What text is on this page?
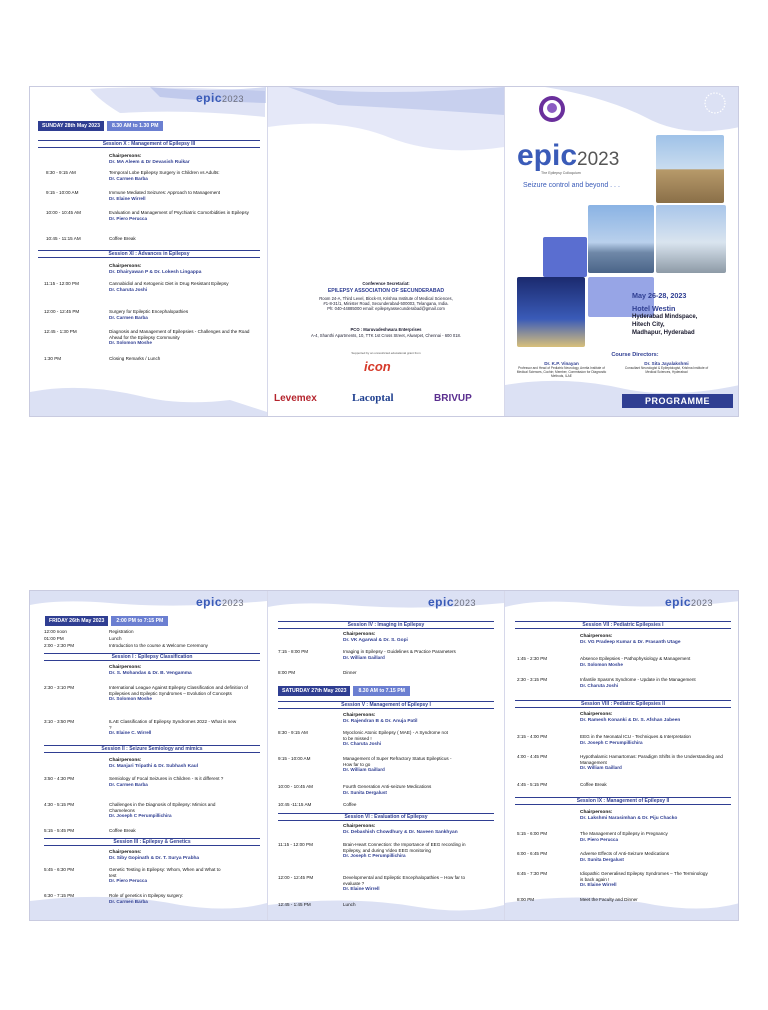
epic2023
SUNDAY 28th May 2023	8.30 AM to 1.30 PM
Session X : Management of Epilepsy III
Chairpersons:
Dr. MA Aleem & Dr Devasish Ruikar
8:30 - 9:15 AM	Temporal Lobe Epilepsy Surgery in Children vs Adults:
Dr. Carmen Barba
9:15 - 10:00 AM	Immune Mediated Seizures: Approach to Management
Dr. Elaine Wirrell
10:00 - 10:45 AM	Evaluation and Management of Psychiatric Comorbidities in Epilepsy
Dr. Piero Perucca
10:45 - 11:15 AM	Coffee Break
Session XI : Advances in Epilepsy
Chairpersons:
Dr. Dhairyawan P & Dr. Lokesh Lingappa
11:15 - 12:00 PM	Cannabidiol and Ketogenic Diet in Drug Resistant Epilepsy
Dr. Charuta Joshi
12:00 - 12:45 PM	Surgery for Epileptic Encephalopathies
Dr. Carmen Barba
12:45 - 1:30 PM	Diagnosis and Management of Epilepsies - Challenges and the Road Ahead for the Epilepsy Community
Dr. Solomon Moshe
1:30 PM	Closing Remarks / Lunch
Conference Secretariat:
EPILEPSY ASSOCIATION OF SECUNDERABAD
Room 24-A, Third Level, Block-III, Krishna Institute of Medical Sciences,
#1-8-31/1, Minister Road, Secunderabad-500003, Telangana, India.
Ph: 040-44885000 email: epilepsyassecunderabad@gmail.com
PCO : Maruvadeshwara Enterprises
A-4, Shanthi Apartments, 10, TTK 1st Cross Street, Alwarpet, Chennai - 600 018.
Supported by an unrestricted educational grant from
icon
Levemex	Lacoptal	BRIVUP
epic2023
The Epilepsy Colloquium
Seizure control and beyond . . .
May 26-28, 2023
Hotel Westin
Hyderabad Mindspace,
Hitech City,
Madhapur, Hyderabad
Course Directors:
Dr. K.P. Vinayan
Professor and Head of Pediatric Neurology, Amrita Institute of Medical Sciences, Cochin; Member, Commission for Diagnostic Methods, ILAE
Dr. Sita Jayalakshmi
Consultant Neurologist & Epileptologist, Krishna Institute of Medical Sciences, Hyderabad
PROGRAMME
epic2023
FRIDAY 26th May 2023	2:00 PM to 7:15 PM
12:00 noon	Registration
01:00 PM	Lunch
2:00 - 2:30 PM	Introduction to the course & Welcome Ceremony
Session I : Epilepsy Classification
Chairpersons:
Dr. S. Mohandas & Dr. B. Vengamma
2:30 - 3:10 PM	International League Against Epilepsy Classification and definition of Epilepsies and Epileptic Syndromes – Evolution of Concepts
Dr. Solomon Moshe
3:10 - 3:50 PM	ILAE Classification of Epilepsy Syndromes 2022 - What is new ?
Dr. Elaine C. Wirrell
Session II : Seizure Semiology and mimics
Chairpersons:
Dr. Manjari Tripathi & Dr. Subhash Kaul
3:50 - 4:30 PM	Semiology of Focal Seizures in Children - Is it different ?
Dr. Carmen Barba
4:30 - 5:15 PM	Challenges in the Diagnosis of Epilepsy: Mimics and Chameleons
Dr. Joseph C Perumpillichira
5:15 - 5:45 PM	Coffee Break
Session III : Epilepsy & Genetics
Chairpersons:
Dr. Siby Gopinath & Dr. T. Surya Prabha
5:45 - 6:30 PM	Genetic Testing in Epilepsy: Whom, When and What to test
Dr. Piero Perucca
6:30 - 7:15 PM	Role of genetics in Epilepsy surgery:
Dr. Carmen Barba
epic2023
Session IV : Imaging in Epilepsy
Chairpersons:
Dr. VK Agarwal & Dr. S. Gopi
7:15 - 8:00 PM	Imaging in Epilepsy - Guidelines & Practice Parameters
Dr. William Gaillard
8:00 PM	Dinner
SATURDAY 27th May 2023	8.30 AM to 7.15 PM
Session V : Management of Epilepsy I
Chairpersons:
Dr. Rajendran B & Dr. Anuja Patil
8:30 - 9:15 AM	Myoclonic Atonic Epilepsy ( MAE) - A Syndrome not to be missed !
Dr. Charuta Joshi
9:15 - 10:00 AM	Management of Super Refractory Status Epilepticus - How far to go
Dr. William Gaillard
10:00 - 10:45 AM	Fourth Generation Anti-seizure Medications
Dr. Sunita Dergalust
10:45 -11:15 AM	Coffee
Session VI : Evaluation of Epilepsy
Chairpersons:
Dr. Debashish Chowdhury & Dr. Naveen Sankhyan
11:15 - 12:00 PM	Brain-Heart Connection: the Importance of EEG recording in Epilepsy, and during Video EEG monitoring
Dr. Joseph C Perumpillichira
12:00 - 12:45 PM	Developmental and Epileptic Encephalopathies – How far to evaluate ?
Dr. Elaine Wirrell
12:45 - 1:45 PM	Lunch
epic2023
Session VII : Pediatric Epilepsies I
Chairpersons:
Dr. VG Pradeep Kumar & Dr. Prasanth Utage
1:45 - 2:30 PM	Absence Epilepsies - Pathophysiology & Management
Dr. Solomon Moshe
2:30 - 3:15 PM	Infantile Spasms Syndrome - Update in the Management
Dr. Charuta Joshi
Session VIII : Pediatric Epilepsies II
Chairpersons:
Dr. Ramesh Konanki & Dr. S. Afshan Jabeen
3:15 - 4:00 PM	EEG in the Neonatal ICU - Techniques & Interpretation
Dr. Joseph C Perumpillichira
4:00 - 4:45 PM	Hypothalamic Hamartomas: Paradigm Shifts in the Understanding and Management
Dr. William Gaillard
4:45 - 5:15 PM	Coffee Break
Session IX : Management of Epilepsy II
Chairpersons:
Dr. Lakshmi Narasimhan & Dr. Piju Chacko
5:15 - 6:00 PM	The Management of Epilepsy in Pregnancy
Dr. Piero Perucca
6:00 - 6:45 PM	Adverse Effects of Anti-Seizure Medications
Dr. Sunita Dergalust
6:45 - 7:30 PM	Idiopathic Generalised Epilepsy Syndromes – The Terminology is back again !
Dr. Elaine Wirrell
8:00 PM	Meet the Faculty and Dinner
